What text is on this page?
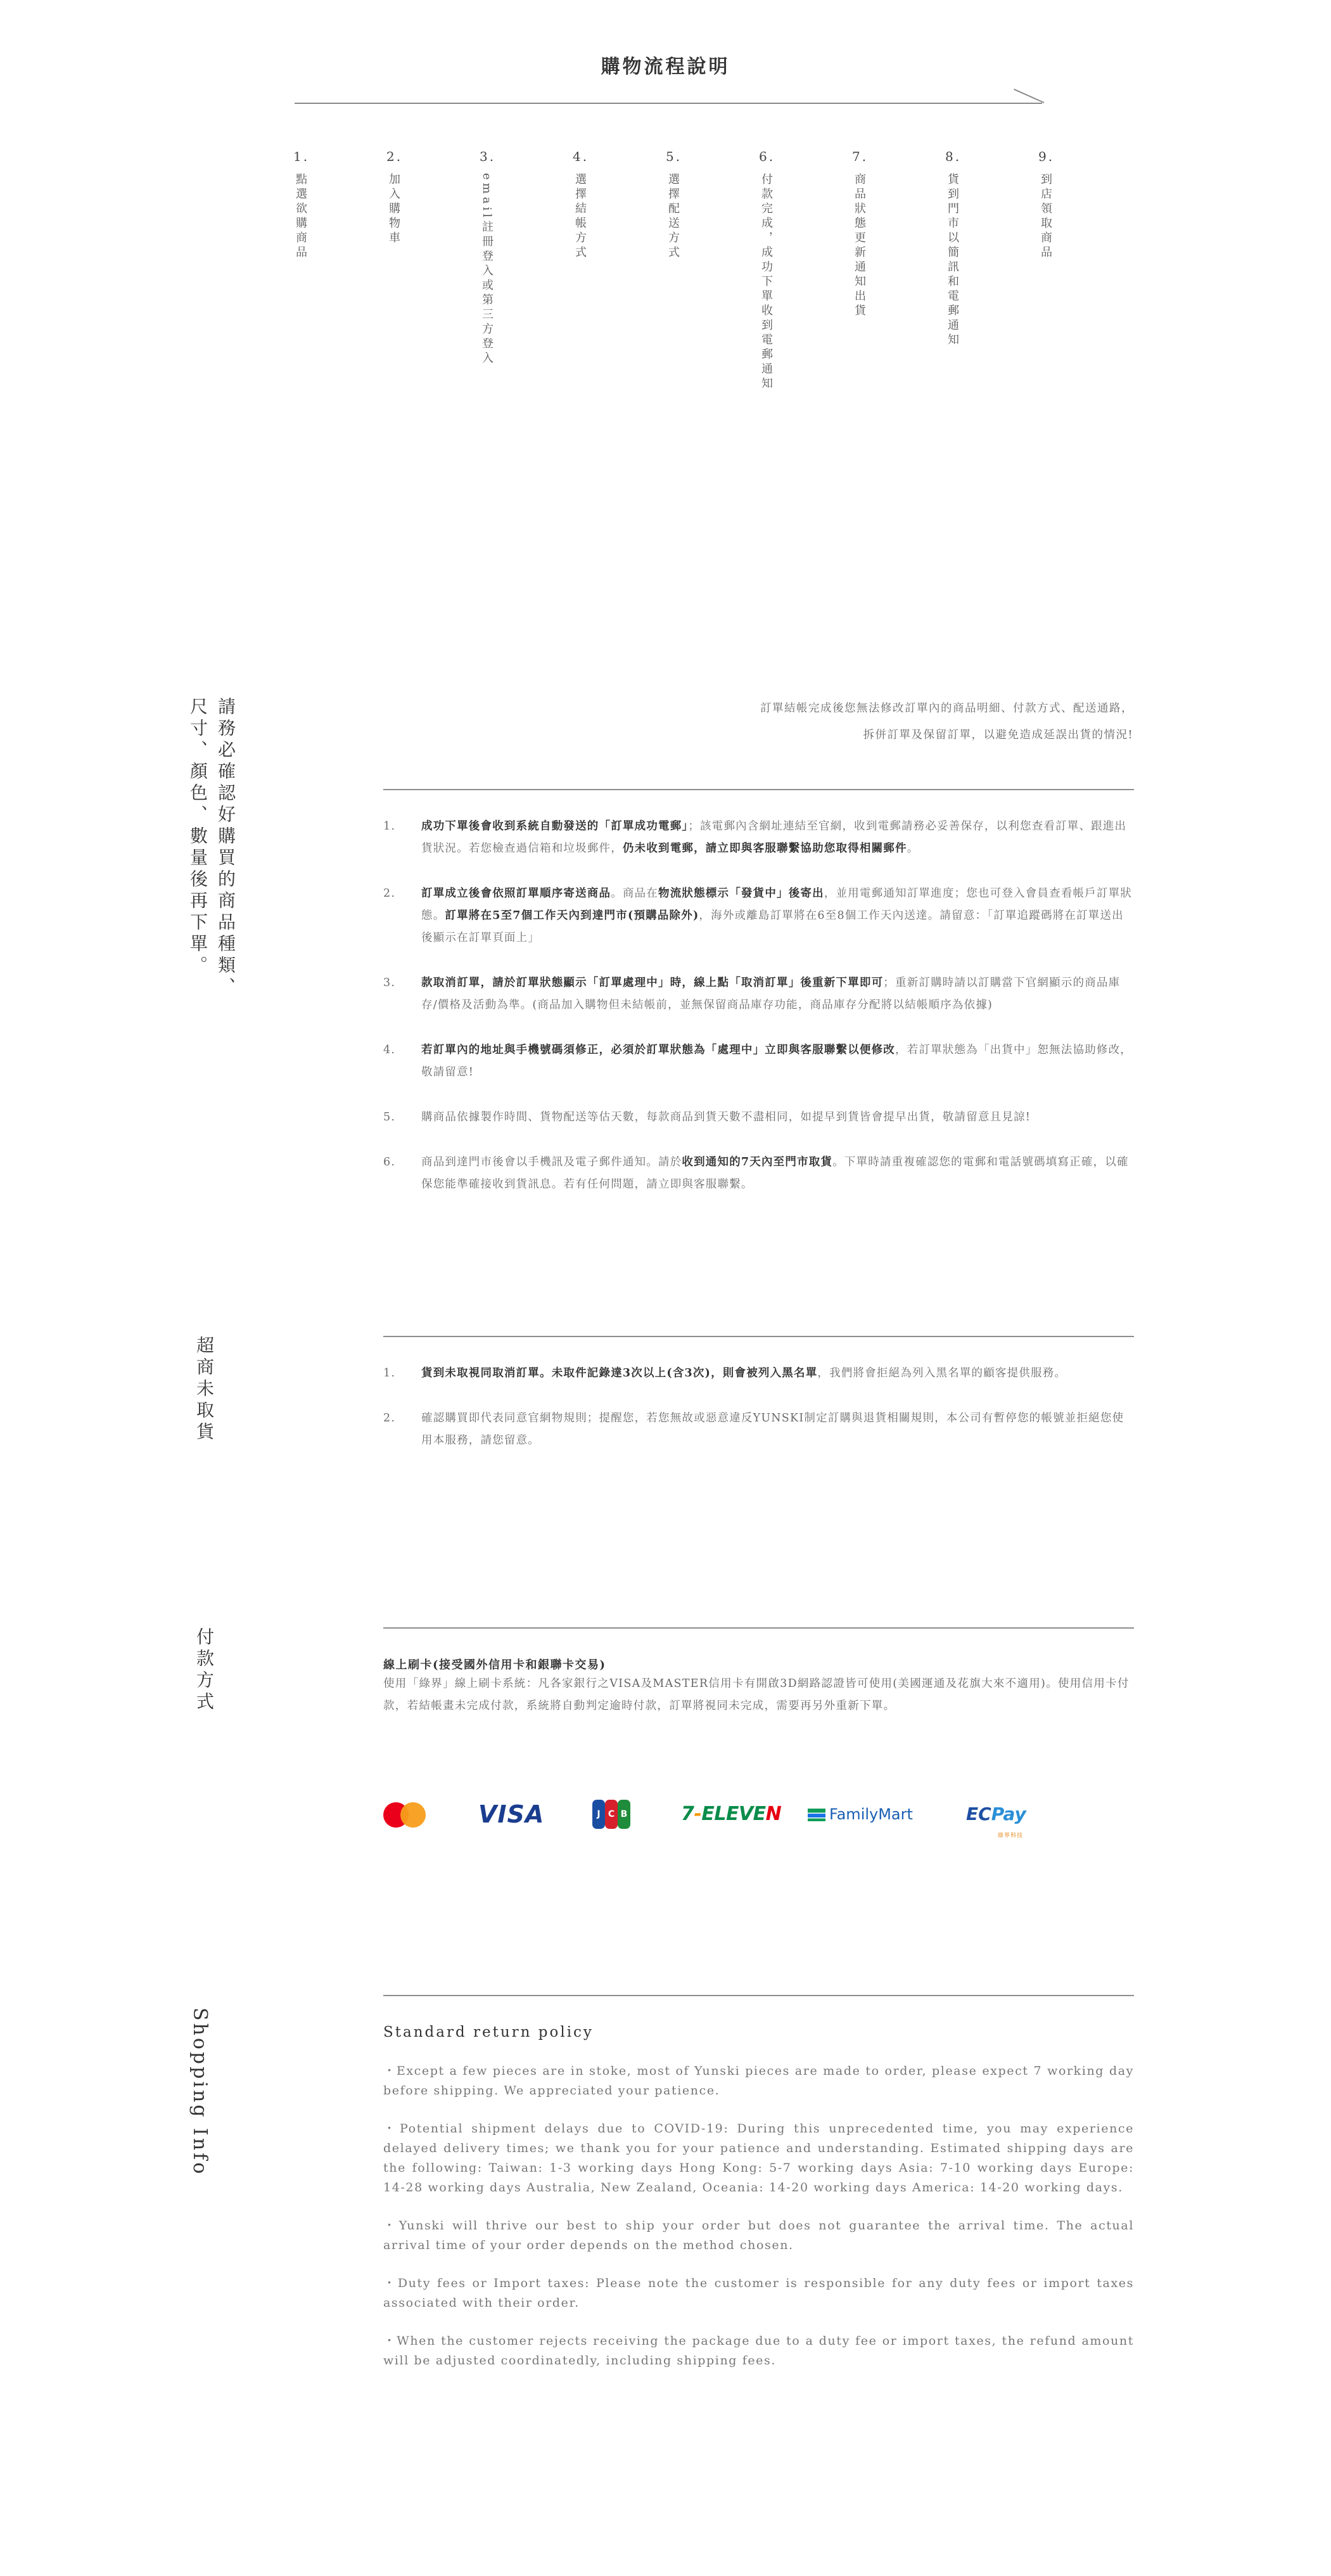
購物流程說明
1.
點選欲購商品
2.
加入購物車
3.
email註冊登入或第三方登入
4.
選擇結帳方式
5.
選擇配送方式
6.
付款完成，成功下單收到電郵通知
7.
商品狀態更新通知出貨
8.
貨到門市以簡訊和電郵通知
9.
到店領取商品
請務必確認好購買的商品種類、
尺寸、顏色、數量後再下單。	訂單結帳完成後您無法修改訂單內的商品明細、付款方式、配送通路，
拆併訂單及保留訂單，以避免造成延誤出貨的情況!
1. 成功下單後會收到系統自動發送的「訂單成功電郵」；該電郵內含網址連結至官網，收到電郵請務必妥善保存，以利您查看訂單、跟進出貨狀況。若您檢查過信箱和垃圾郵件，仍未收到電郵，請立即與客服聯繫協助您取得相關郵件。
2. 訂單成立後會依照訂單順序寄送商品。商品在物流狀態標示「發貨中」後寄出，並用電郵通知訂單進度；您也可登入會員查看帳戶訂單狀態。訂單將在5至7個工作天內到達門市(預購品除外)，海外或離島訂單將在6至8個工作天內送達。請留意：「訂單追蹤碼將在訂單送出後顯示在訂單頁面上」
3. 款取消訂單，請於訂單狀態顯示「訂單處理中」時，線上點「取消訂單」後重新下單即可；重新訂購時請以訂購當下官網顯示的商品庫存/價格及活動為準。(商品加入購物但未結帳前，並無保留商品庫存功能，商品庫存分配將以結帳順序為依據)
4. 若訂單內的地址與手機號碼須修正，必須於訂單狀態為「處理中」立即與客服聯繫以便修改，若訂單狀態為「出貨中」恕無法協助修改，敬請留意!
5. 購商品依據製作時間、貨物配送等估天數，每款商品到貨天數不盡相同，如提早到貨皆會提早出貨，敬請留意且見諒!
6. 商品到達門市後會以手機訊及電子郵件通知。請於收到通知的7天內至門市取貨。下單時請重複確認您的電郵和電話號碼填寫正確，以確保您能準確接收到貨訊息。若有任何問題，請立即與客服聯繫。
超商未取貨	1. 貨到未取視同取消訂單。未取件記錄達3次以上(含3次)，則會被列入黑名單，我們將會拒絕為列入黑名單的顧客提供服務。
2. 確認購買即代表同意官網物規則；提醒您，若您無故或惡意違反YUNSKI制定訂購與退貨相關規則，本公司有暫停您的帳號並拒絕您使用本服務，請您留意。
付款方式	線上刷卡(接受國外信用卡和銀聯卡交易)
使用「綠界」線上刷卡系統：凡各家銀行之VISA及MASTER信用卡有開啟3D網路認證皆可使用(美國運通及花旗大來不適用)。使用信用卡付款，若結帳畫未完成付款，系統將自動判定逾時付款，訂單將視同未完成，需要再另外重新下單。
VISA	J C B	7-ELEVEN	FamilyMart	ECPay
綠界科技
Shopping Info	Standard return policy

・Except a few pieces are in stoke, most of Yunski pieces are made to order, please expect 7 working day before shipping. We appreciated your patience.

・Potential shipment delays due to COVID-19: During this unprecedented time, you may experience delayed delivery times; we thank you for your patience and understanding. Estimated shipping days are the following: Taiwan: 1-3 working days Hong Kong: 5-7 working days Asia: 7-10 working days Europe: 14-28 working days Australia, New Zealand, Oceania: 14-20 working days America: 14-20 working days.

・Yunski will thrive our best to ship your order but does not guarantee the arrival time. The actual arrival time of your order depends on the method chosen.

・Duty fees or Import taxes: Please note the customer is responsible for any duty fees or import taxes associated with their order.

・When the customer rejects receiving the package due to a duty fee or import taxes, the refund amount will be adjusted coordinatedly, including shipping fees.
